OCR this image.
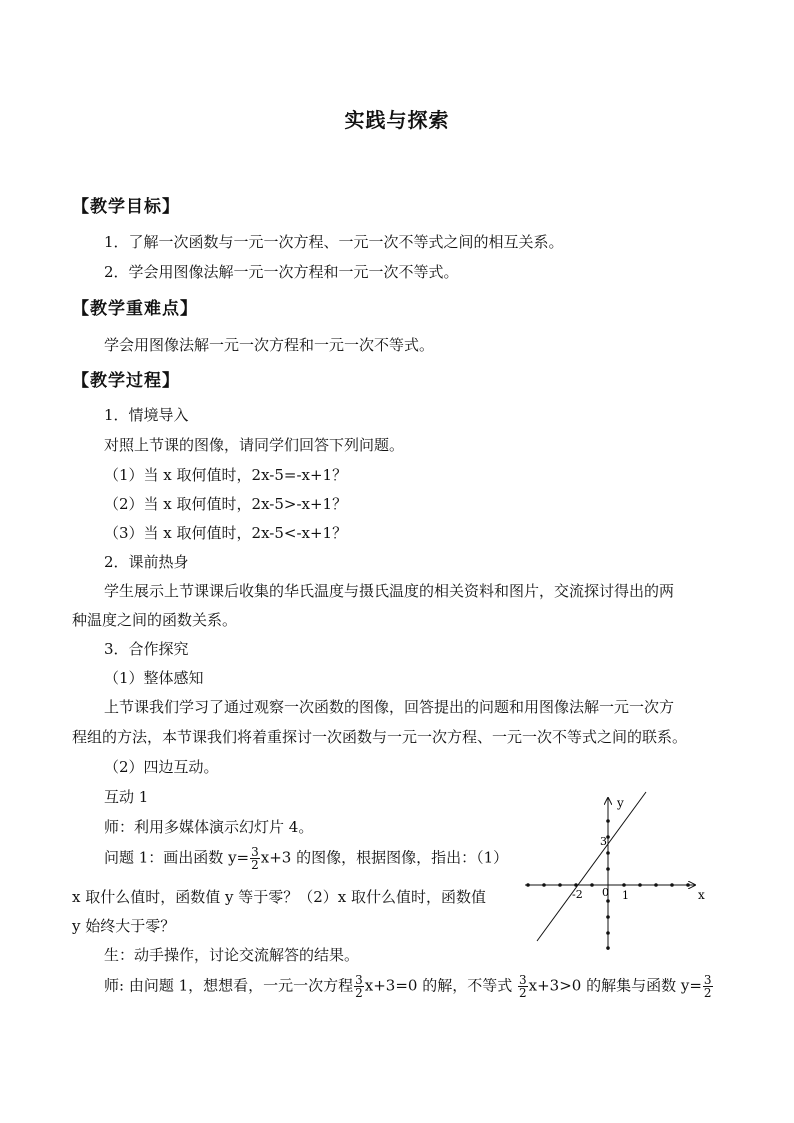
实践与探索
【教学目标】
1．了解一次函数与一元一次方程、一元一次不等式之间的相互关系。
2．学会用图像法解一元一次方程和一元一次不等式。
【教学重难点】
学会用图像法解一元一次方程和一元一次不等式。
【教学过程】
1．情境导入
对照上节课的图像，请同学们回答下列问题。
（1）当 x 取何值时，2x-5=-x+1？
（2）当 x 取何值时，2x-5>-x+1？
（3）当 x 取何值时，2x-5<-x+1？
2．课前热身
学生展示上节课课后收集的华氏温度与摄氏温度的相关资料和图片，交流探讨得出的两
种温度之间的函数关系。
3．合作探究
（1）整体感知
上节课我们学习了通过观察一次函数的图像，回答提出的问题和用图像法解一元一次方
程组的方法，本节课我们将着重探讨一次函数与一元一次方程、一元一次不等式之间的联系。
（2）四边互动。
互动 1
师：利用多媒体演示幻灯片 4。
问题 1：画出函数 $y= \frac{3}{2} x+3$ 的图像，根据图像，指出：（1）
x 取什么值时，函数值 y 等于零？（2）x 取什么值时，函数值
y 始终大于零？
生：动手操作，讨论交流解答的结果。
师: 由问题 1，想想看，一元一次方程 $\frac{3}{2} x+3=0$ 的解，不等式 $\frac{3}{2} x+3>0$ 的解集与函数 $y= \frac{3}{2}$
y
x
3
-2 0 1
